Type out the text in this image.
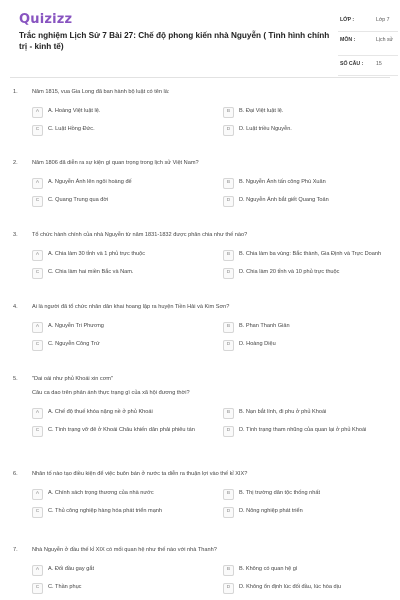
Quizizz
Trắc nghiệm Lịch Sử 7 Bài 27: Chế độ phong kiến nhà Nguyễn ( Tình hình chính trị - kinh tế)
LỚP :	Lớp 7
MÔN :	Lịch sử
SỐ CÂU : 15
1.	Năm 1815, vua Gia Long đã ban hành bộ luật có tên là:
A	A. Hoàng Việt luật lệ.	B	B. Đại Việt luật lệ.
C	C. Luật Hồng Đức.	D	D. Luật triều Nguyễn.
2.	Năm 1806 đã diễn ra sự kiện gì quan trọng trong lịch sử Việt Nam?
A	A. Nguyễn Ánh lên ngôi hoàng đế	B	B. Nguyễn Ánh tấn công Phú Xuân
C	C. Quang Trung qua đời	D	D. Nguyễn Ánh bắt giết Quang Toản
3.	Tổ chức hành chính của nhà Nguyễn từ năm 1831-1832 được phân chia như thế nào?
A	A. Chia làm 30 tỉnh và 1 phủ trực thuộc	B	B. Chia làm ba vùng: Bắc thành, Gia Định và Trực Doanh
C	C. Chia làm hai miền Bắc và Nam.	D	D. Chia làm 20 tỉnh và 10 phủ trực thuộc
4.	Ai là người đã tổ chức nhân dân khai hoang lập ra huyện Tiền Hải và Kim Sơn?
A	A. Nguyễn Tri Phương	B	B. Phan Thanh Giản
C	C. Nguyễn Công Trứ	D	D. Hoàng Diệu
5.	"Dai oái như phủ Khoái xin cơm"
Câu ca dao trên phản ánh thực trạng gì của xã hội đương thời?
A	A. Chế độ thuế khóa nặng nề ở phủ Khoái	B	B. Nạn bắt lính, đi phu ở phủ Khoái
C	C. Tình trạng vỡ đê ở Khoái Châu khiến dân phải phiêu tán	D	D. Tình trạng tham nhũng của quan lại ở phủ Khoái
6.	Nhân tố nào tạo điều kiện để việc buôn bán ở nước ta diễn ra thuận lợi vào thế kỉ XIX?
A	A. Chính sách trọng thương của nhà nước	B	B. Thị trường dân tộc thống nhất
C	C. Thủ công nghiệp hàng hóa phát triển mạnh	D	D. Nông nghiệp phát triển
7.	Nhà Nguyễn ở đầu thế kỉ XIX có mối quan hệ như thế nào với nhà Thanh?
A	A. Đối đầu gay gắt	B	B. Không có quan hệ gì
C	C. Thần phục	D	D. Không ổn định lúc đối đầu, lúc hòa dịu
